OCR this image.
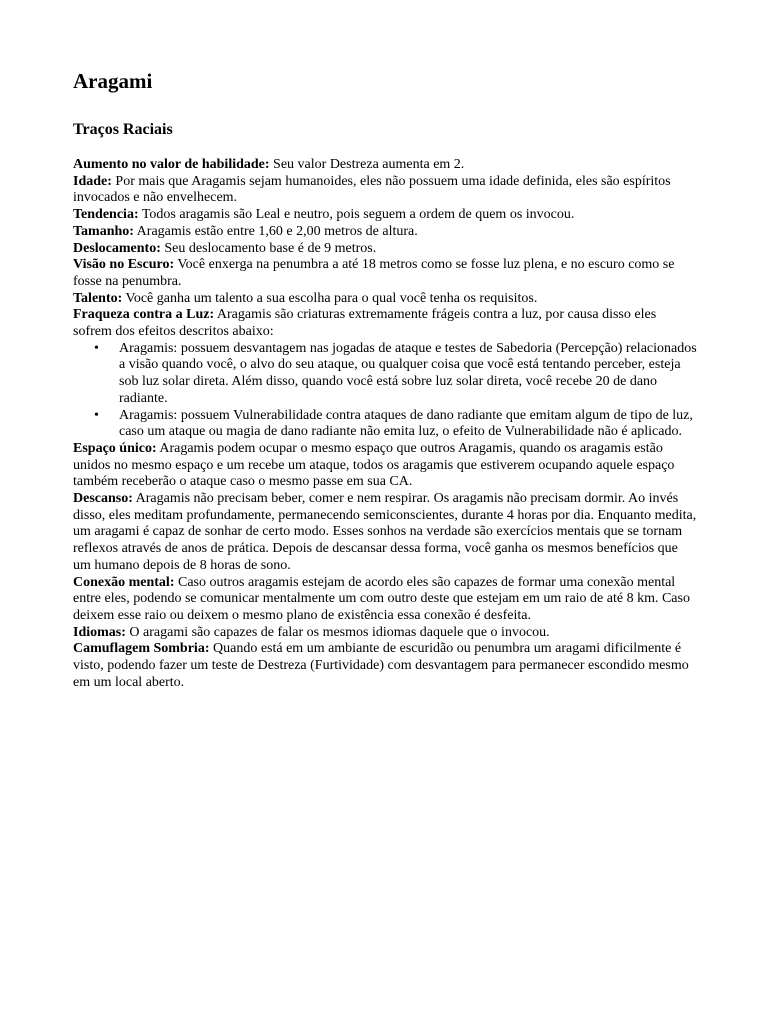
Aragami
Traços Raciais

Aumento no valor de habilidade: Seu valor Destreza aumenta em 2.

Idade: Por mais que Aragamis sejam humanoides, eles não possuem uma idade definida, eles são espíritos invocados e não envelhecem.

Tendencia: Todos aragamis são Leal e neutro, pois seguem a ordem de quem os invocou.

Tamanho: Aragamis estão entre 1,60 e 2,00 metros de altura.

Deslocamento: Seu deslocamento base é de 9 metros.

Visão no Escuro: Você enxerga na penumbra a até 18 metros como se fosse luz plena, e no escuro como se fosse na penumbra.

Talento: Você ganha um talento a sua escolha para o qual você tenha os requisitos.

Fraqueza contra a Luz: Aragamis são criaturas extremamente frágeis contra a luz, por causa disso eles sofrem dos efeitos descritos abaixo:

• Aragamis: possuem desvantagem nas jogadas de ataque e testes de Sabedoria (Percepção) relacionados a visão quando você, o alvo do seu ataque, ou qualquer coisa que você está tentando perceber, esteja sob luz solar direta. Além disso, quando você está sobre luz solar direta, você recebe 20 de dano radiante.
• Aragamis: possuem Vulnerabilidade contra ataques de dano radiante que emitam algum de tipo de luz, caso um ataque ou magia de dano radiante não emita luz, o efeito de Vulnerabilidade não é aplicado.

Espaço único: Aragamis podem ocupar o mesmo espaço que outros Aragamis, quando os aragamis estão unidos no mesmo espaço e um recebe um ataque, todos os aragamis que estiverem ocupando aquele espaço também receberão o ataque caso o mesmo passe em sua CA.

Descanso: Aragamis não precisam beber, comer e nem respirar. Os aragamis não precisam dormir. Ao invés disso, eles meditam profundamente, permanecendo semiconscientes, durante 4 horas por dia. Enquanto medita, um aragami é capaz de sonhar de certo modo. Esses sonhos na verdade são exercícios mentais que se tornam reflexos através de anos de prática. Depois de descansar dessa forma, você ganha os mesmos benefícios que um humano depois de 8 horas de sono.

Conexão mental: Caso outros aragamis estejam de acordo eles são capazes de formar uma conexão mental entre eles, podendo se comunicar mentalmente um com outro deste que estejam em um raio de até 8 km. Caso deixem esse raio ou deixem o mesmo plano de existência essa conexão é desfeita.

Idiomas: O aragami são capazes de falar os mesmos idiomas daquele que o invocou.

Camuflagem Sombria: Quando está em um ambiante de escuridão ou penumbra um aragami dificilmente é visto, podendo fazer um teste de Destreza (Furtividade) com desvantagem para permanecer escondido mesmo em um local aberto.
